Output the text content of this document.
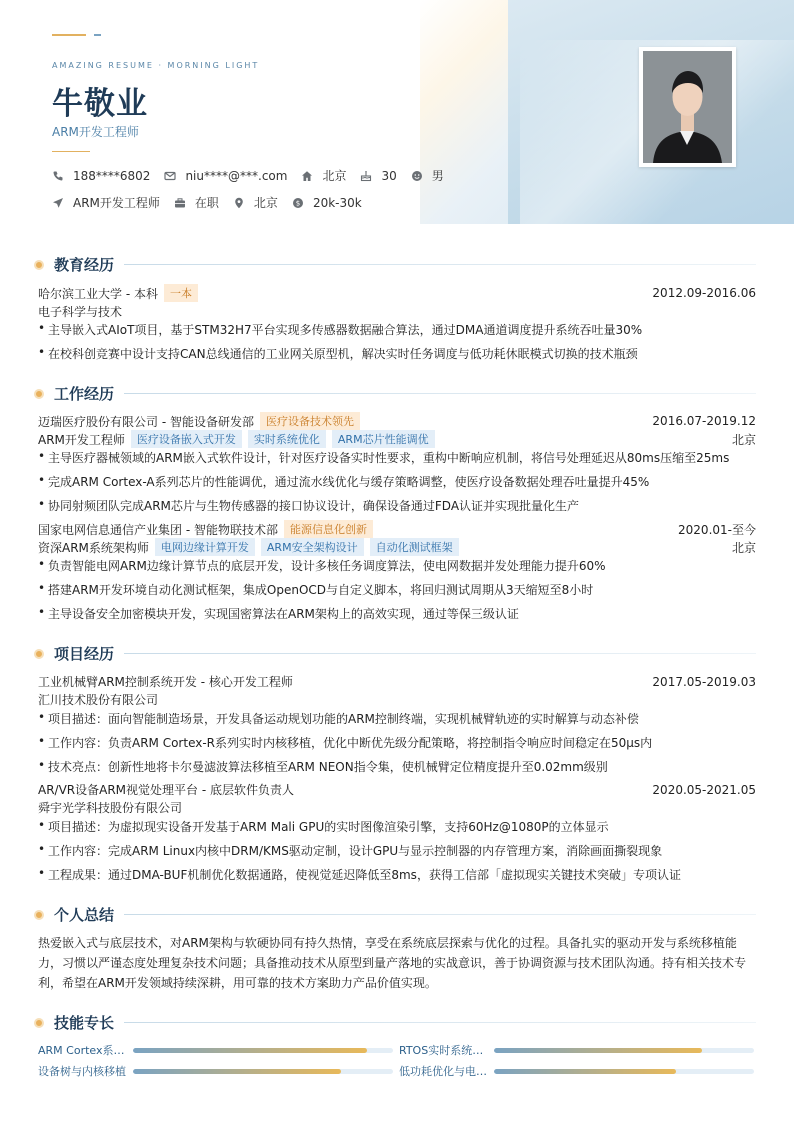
AMAZING RESUME · MORNING LIGHT
牛敬业
ARM开发工程师
188****6802	niu****@***.com	北京	30	男
ARM开发工程师	在职	北京	$ 20k-30k
教育经历
哈尔滨工业大学 - 本科	一本	2012.09-2016.06
电子科学与技术
• 主导嵌入式AIoT项目，基于STM32H7平台实现多传感器数据融合算法，通过DMA通道调度提升系统吞吐量30%
• 在校科创竞赛中设计支持CAN总线通信的工业网关原型机，解决实时任务调度与低功耗休眠模式切换的技术瓶颈
工作经历
迈瑞医疗股份有限公司 - 智能设备研发部	医疗设备技术领先	2016.07-2019.12
ARM开发工程师	医疗设备嵌入式开发	实时系统优化	ARM芯片性能调优	北京
• 主导医疗器械领域的ARM嵌入式软件设计，针对医疗设备实时性要求，重构中断响应机制，将信号处理延迟从80ms压缩至25ms
• 完成ARM Cortex-A系列芯片的性能调优，通过流水线优化与缓存策略调整，使医疗设备数据处理吞吐量提升45%
• 协同射频团队完成ARM芯片与生物传感器的接口协议设计，确保设备通过FDA认证并实现批量化生产
国家电网信息通信产业集团 - 智能物联技术部	能源信息化创新	2020.01-至今
资深ARM系统架构师	电网边缘计算开发	ARM安全架构设计	自动化测试框架	北京
• 负责智能电网ARM边缘计算节点的底层开发，设计多核任务调度算法，使电网数据并发处理能力提升60%
• 搭建ARM开发环境自动化测试框架，集成OpenOCD与自定义脚本，将回归测试周期从3天缩短至8小时
• 主导设备安全加密模块开发，实现国密算法在ARM架构上的高效实现，通过等保三级认证
项目经历
工业机械臂ARM控制系统开发 - 核心开发工程师	2017.05-2019.03
汇川技术股份有限公司
• 项目描述：面向智能制造场景，开发具备运动规划功能的ARM控制终端，实现机械臂轨迹的实时解算与动态补偿
• 工作内容：负责ARM Cortex-R系列实时内核移植，优化中断优先级分配策略，将控制指令响应时间稳定在50μs内
• 技术亮点：创新性地将卡尔曼滤波算法移植至ARM NEON指令集，使机械臂定位精度提升至0.02mm级别
AR/VR设备ARM视觉处理平台 - 底层软件负责人	2020.05-2021.05
舜宇光学科技股份有限公司
• 项目描述：为虚拟现实设备开发基于ARM Mali GPU的实时图像渲染引擎，支持60Hz@1080P的立体显示
• 工作内容：完成ARM Linux内核中DRM/KMS驱动定制，设计GPU与显示控制器的内存管理方案，消除画面撕裂现象
• 工程成果：通过DMA-BUF机制优化数据通路，使视觉延迟降低至8ms，获得工信部「虚拟现实关键技术突破」专项认证
个人总结
热爱嵌入式与底层技术，对ARM架构与软硬协同有持久热情，享受在系统底层探索与优化的过程。具备扎实的驱动开发与系统移植能力，习惯以严谨态度处理复杂技术问题；具备推动技术从原型到量产落地的实战意识，善于协调资源与技术团队沟通。持有相关技术专利，希望在ARM开发领域持续深耕，用可靠的技术方案助力产品价值实现。
技能专长
ARM Cortex系…	RTOS实时系统…
设备树与内核移植	低功耗优化与电…
